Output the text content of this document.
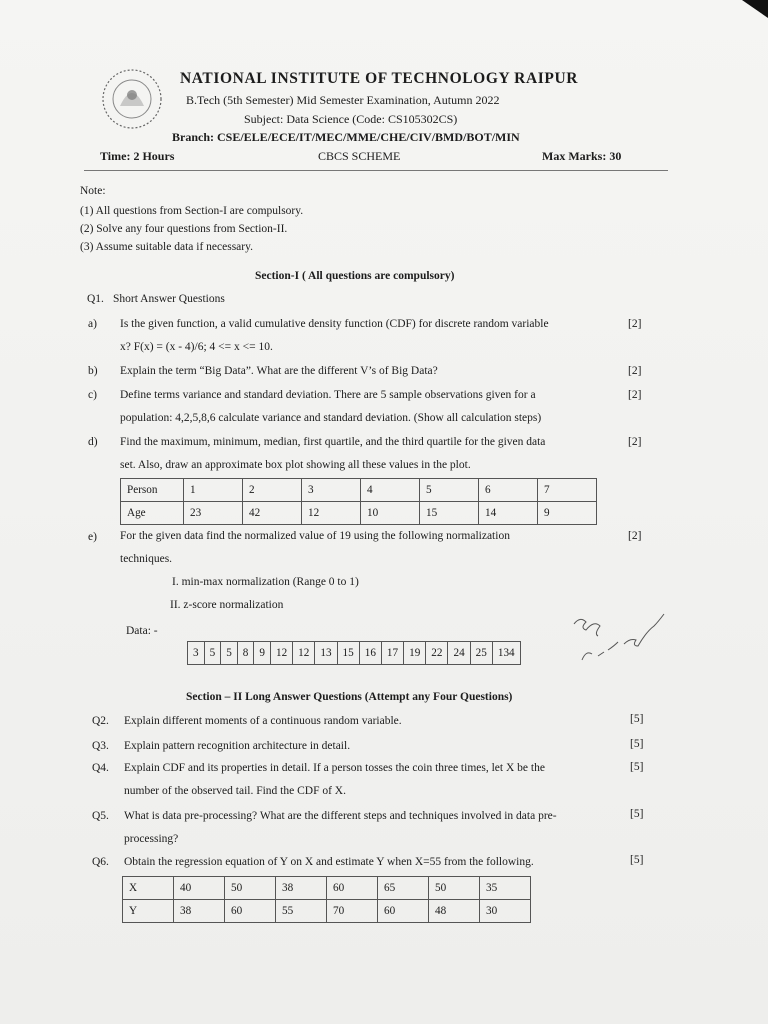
NATIONAL INSTITUTE OF TECHNOLOGY RAIPUR
B.Tech (5th Semester) Mid Semester Examination, Autumn 2022
Subject: Data Science (Code: CS105302CS)
Branch: CSE/ELE/ECE/IT/MEC/MME/CHE/CIV/BMD/BOT/MIN
Time: 2 Hours	CBCS SCHEME	Max Marks: 30
Note:
(1) All questions from Section-I are compulsory.
(2) Solve any four questions from Section-II.
(3) Assume suitable data if necessary.
Section-I ( All questions are compulsory)
Q1. Short Answer Questions
a) Is the given function, a valid cumulative density function (CDF) for discrete random variable
x? F(x) = (x - 4)/6; 4 <= x <= 10.
[2]
b) Explain the term “Big Data”. What are the different V’s of Big Data?	[2]
c) Define terms variance and standard deviation. There are 5 sample observations given for a
population: 4,2,5,8,6 calculate variance and standard deviation. (Show all calculation steps)
[2]
d) Find the maximum, minimum, median, first quartile, and the third quartile for the given data
set. Also, draw an approximate box plot showing all these values in the plot.
[2]
Person	1	2	3	4	5	6	7
Age	23	42	12	10	15	14	9
e) For the given data find the normalized value of 19 using the following normalization
techniques.
[2]
I. min-max normalization (Range 0 to 1)
II. z-score normalization
Data: -
3	5	5	8	9	12	12	13	15	16	17	19	22	24	25	134
Section – II Long Answer Questions (Attempt any Four Questions)
Q2. Explain different moments of a continuous random variable.	[5]
Q3. Explain pattern recognition architecture in detail.	[5]
Q4. Explain CDF and its properties in detail. If a person tosses the coin three times, let X be the
number of the observed tail. Find the CDF of X.
[5]
Q5. What is data pre-processing? What are the different steps and techniques involved in data pre-
processing?
[5]
Q6. Obtain the regression equation of Y on X and estimate Y when X=55 from the following.	[5]
X	40	50	38	60	65	50	35
Y	38	60	55	70	60	48	30
